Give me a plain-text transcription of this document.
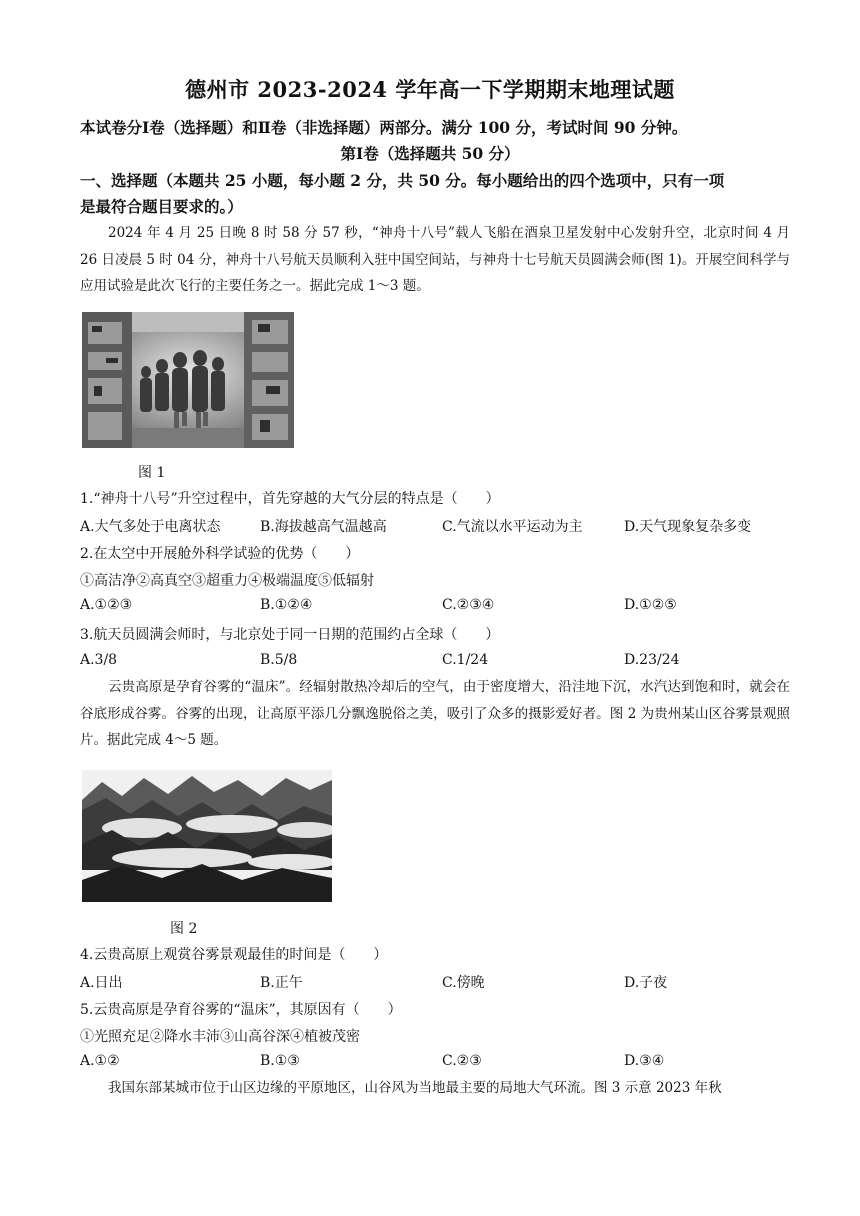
德州市 2023-2024 学年高一下学期期末地理试题
本试卷分Ⅰ卷（选择题）和Ⅱ卷（非选择题）两部分。满分 100 分，考试时间 90 分钟。
第Ⅰ卷（选择题共 50 分）
一、选择题（本题共 25 小题，每小题 2 分，共 50 分。每小题给出的四个选项中，只有一项
是最符合题目要求的。）
2024 年 4 月 25 日晚 8 时 58 分 57 秒，“神舟十八号”载人飞船在酒泉卫星发射中心发射升空，北京时间 4 月 26 日凌晨 5 时 04 分，神舟十八号航天员顺利入驻中国空间站，与神舟十七号航天员圆满会师(图 1)。开展空间科学与应用试验是此次飞行的主要任务之一。据此完成 1～3 题。
图 1
1.“神舟十八号”升空过程中，首先穿越的大气分层的特点是（　　）
A.大气多处于电离状态	B.海拔越高气温越高	C.气流以水平运动为主	D.天气现象复杂多变
2.在太空中开展舱外科学试验的优势（　　）
①高洁净②高真空③超重力④极端温度⑤低辐射
A.①②③	B.①②④	C.②③④	D.①②⑤
3.航天员圆满会师时，与北京处于同一日期的范围约占全球（　　）
A.3/8	B.5/8	C.1/24	D.23/24
云贵高原是孕育谷雾的“温床”。经辐射散热冷却后的空气，由于密度增大，沿洼地下沉，水汽达到饱和时，就会在谷底形成谷雾。谷雾的出现，让高原平添几分飘逸脱俗之美，吸引了众多的摄影爱好者。图 2 为贵州某山区谷雾景观照片。据此完成 4～5 题。
图 2
4.云贵高原上观赏谷雾景观最佳的时间是（　　）
A.日出	B.正午	C.傍晚	D.子夜
5.云贵高原是孕育谷雾的“温床”，其原因有（　　）
①光照充足②降水丰沛③山高谷深④植被茂密
A.①②	B.①③	C.②③	D.③④
我国东部某城市位于山区边缘的平原地区，山谷风为当地最主要的局地大气环流。图 3 示意 2023 年秋
